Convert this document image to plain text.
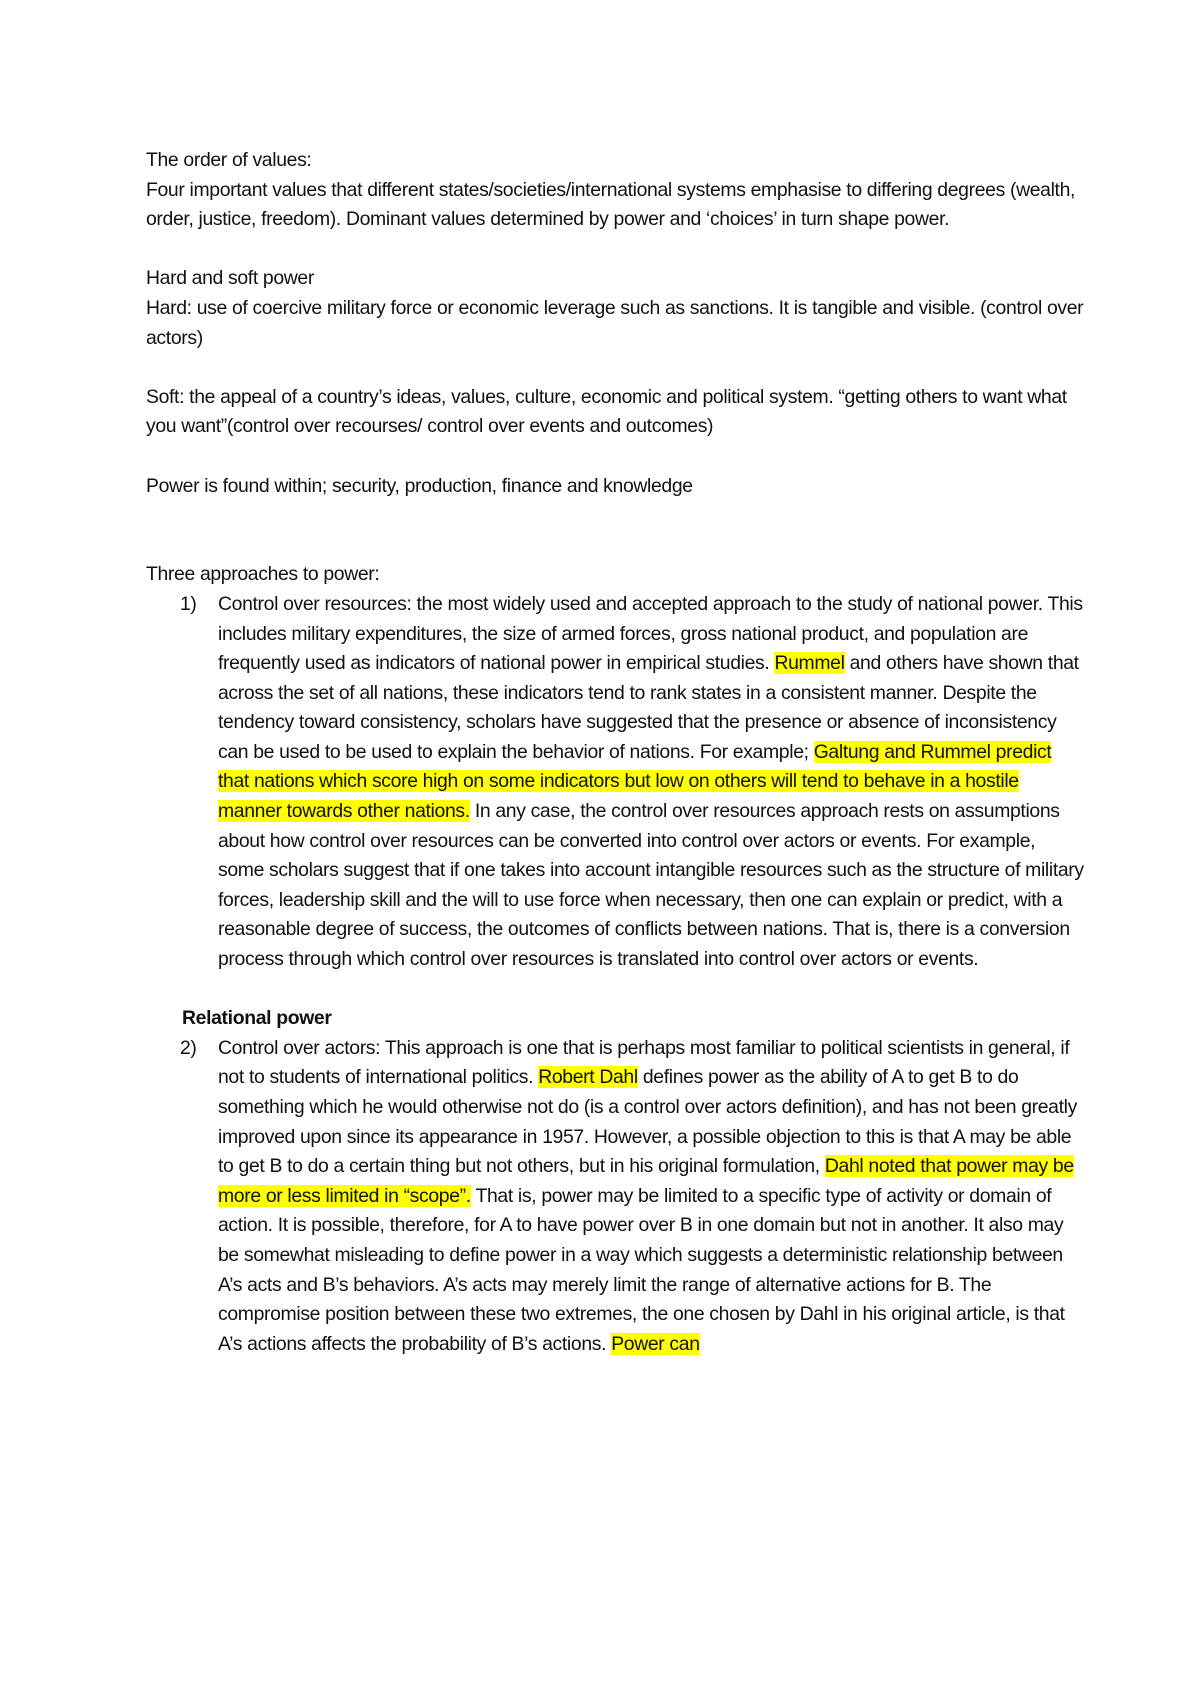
The order of values:

Four important values that different states/societies/international systems emphasise to differing degrees (wealth, order, justice, freedom). Dominant values determined by power and ‘choices’ in turn shape power.

Hard and soft power

Hard: use of coercive military force or economic leverage such as sanctions. It is tangible and visible. (control over actors)

Soft: the appeal of a country’s ideas, values, culture, economic and political system. “getting others to want what you want”(control over recourses/ control over events and outcomes)

Power is found within; security, production, finance and knowledge

Three approaches to power:

1) Control over resources: the most widely used and accepted approach to the study of national power. This includes military expenditures, the size of armed forces, gross national product, and population are frequently used as indicators of national power in empirical studies. Rummel and others have shown that across the set of all nations, these indicators tend to rank states in a consistent manner. Despite the tendency toward consistency, scholars have suggested that the presence or absence of inconsistency can be used to be used to explain the behavior of nations. For example; Galtung and Rummel predict that nations which score high on some indicators but low on others will tend to behave in a hostile manner towards other nations. In any case, the control over resources approach rests on assumptions about how control over resources can be converted into control over actors or events. For example, some scholars suggest that if one takes into account intangible resources such as the structure of military forces, leadership skill and the will to use force when necessary, then one can explain or predict, with a reasonable degree of success, the outcomes of conflicts between nations. That is, there is a conversion process through which control over resources is translated into control over actors or events.

Relational power

2) Control over actors: This approach is one that is perhaps most familiar to political scientists in general, if not to students of international politics. Robert Dahl defines power as the ability of A to get B to do something which he would otherwise not do (is a control over actors definition), and has not been greatly improved upon since its appearance in 1957. However, a possible objection to this is that A may be able to get B to do a certain thing but not others, but in his original formulation, Dahl noted that power may be more or less limited in “scope”. That is, power may be limited to a specific type of activity or domain of action. It is possible, therefore, for A to have power over B in one domain but not in another. It also may be somewhat misleading to define power in a way which suggests a deterministic relationship between A’s acts and B’s behaviors. A’s acts may merely limit the range of alternative actions for B. The compromise position between these two extremes, the one chosen by Dahl in his original article, is that A’s actions affects the probability of B’s actions. Power can
